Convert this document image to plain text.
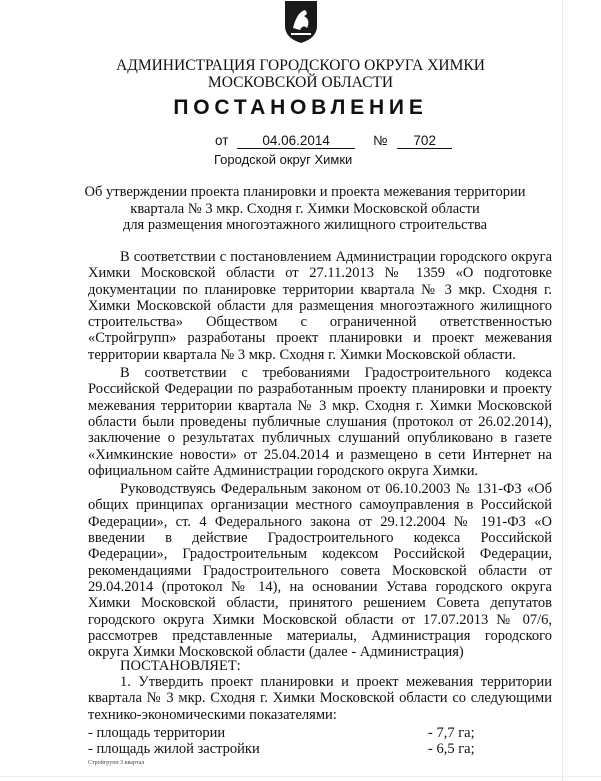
АДМИНИСТРАЦИЯ ГОРОДСКОГО ОКРУГА ХИМКИ
МОСКОВСКОЙ ОБЛАСТИ
ПОСТАНОВЛЕНИЕ
от	04.06.2014	№ 702
Городской округ Химки
Об утверждении проекта планировки и проекта межевания территории
квартала № 3 мкр. Сходня г. Химки Московской области
для размещения многоэтажного жилищного строительства

В соответствии с постановлением Администрации городского округа Химки Московской области от 27.11.2013 № 1359 «О подготовке документации по планировке территории квартала № 3 мкр. Сходня г. Химки Московской области для размещения многоэтажного жилищного строительства» Обществом с ограниченной ответственностью «Стройгрупп» разработаны проект планировки и проект межевания территории квартала № 3 мкр. Сходня г. Химки Московской области.

В соответствии с требованиями Градостроительного кодекса Российской Федерации по разработанным проекту планировки и проекту межевания территории квартала № 3 мкр. Сходня г. Химки Московской области были проведены публичные слушания (протокол от 26.02.2014), заключение о результатах публичных слушаний опубликовано в газете «Химкинские новости» от 25.04.2014 и размещено в сети Интернет на официальном сайте Администрации городского округа Химки.

Руководствуясь Федеральным законом от 06.10.2003 № 131-ФЗ «Об общих принципах организации местного самоуправления в Российской Федерации», ст. 4 Федерального закона от 29.12.2004 № 191-ФЗ «О введении в действие Градостроительного кодекса Российской Федерации», Градостроительным кодексом Российской Федерации, рекомендациями Градостроительного совета Московской области от 29.04.2014 (протокол № 14), на основании Устава городского округа Химки Московской области, принятого решением Совета депутатов городского округа Химки Московской области от 17.07.2013 № 07/6, рассмотрев представленные материалы, Администрация городского округа Химки Московской области (далее - Администрация)

ПОСТАНОВЛЯЕТ:

1. Утвердить проект планировки и проект межевания территории квартала № 3 мкр. Сходня г. Химки Московской области со следующими технико-экономическими показателями:

- площадь территории	- 7,7 га;
- площадь жилой застройки	- 6,5 га;
Стройгрупп 3 квартал
